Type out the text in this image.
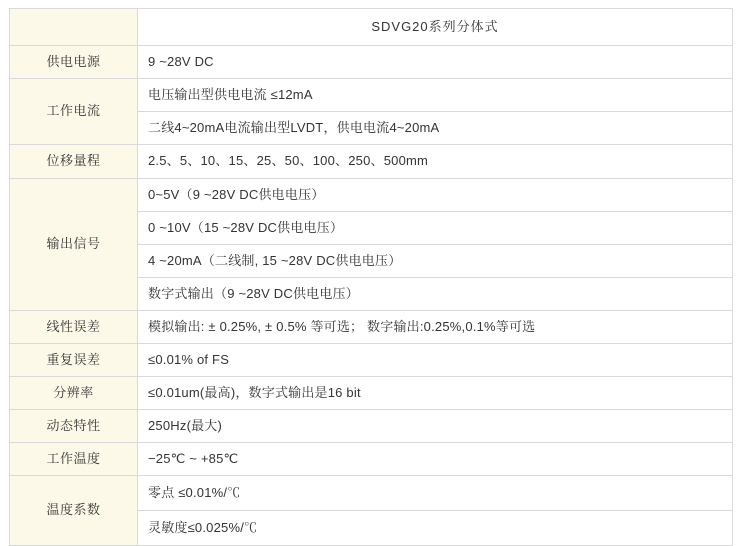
	SDVG20系列分体式
供电电源	9 ~28V DC
工作电流	电压输出型供电电流 ≤12mA
	二线4~20mA电流输出型LVDT，供电电流4~20mA
位移量程	2.5、5、10、15、25、50、100、250、500mm
输出信号	0~5V（9 ~28V DC供电电压）
	0 ~10V（15 ~28V DC供电电压）
	4 ~20mA（二线制, 15 ~28V DC供电电压）
	数字式输出（9 ~28V DC供电电压）
线性误差	模拟输出: ± 0.25%, ± 0.5% 等可选； 数字输出:0.25%,0.1%等可选
重复误差	≤0.01% of FS
分辨率	≤0.01um(最高)，数字式输出是16 bit
动态特性	250Hz(最大)
工作温度	−25℃ ~ +85℃
温度系数	零点 ≤0.01%/℃
	灵敏度≤0.025%/℃
